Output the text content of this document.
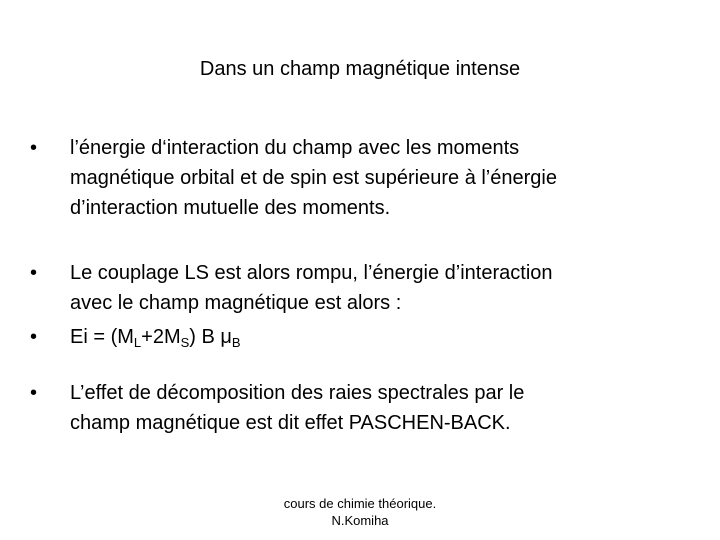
Dans un champ magnétique intense
• l’énergie d‘interaction du champ avec les moments
magnétique orbital et de spin est supérieure à l’énergie
d’interaction mutuelle des moments.
• Le couplage LS est alors rompu, l’énergie d’interaction
avec le champ magnétique est alors :
• $Ei = (M_L+2M_S)$ B $\mu_B$
• L’effet de décomposition des raies spectrales par le
champ magnétique est dit effet PASCHEN-BACK.
cours de chimie théorique.
N.Komiha
